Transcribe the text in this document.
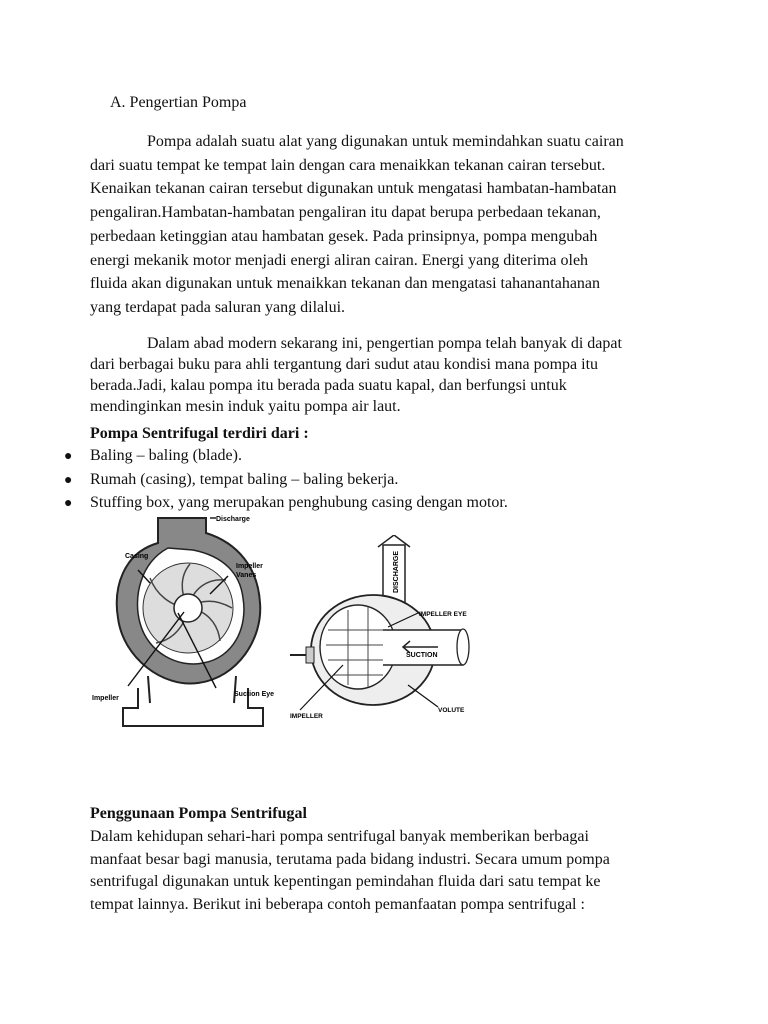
A. Pengertian Pompa
Pompa adalah suatu alat yang digunakan untuk memindahkan suatu cairan
dari suatu tempat ke tempat lain dengan cara menaikkan tekanan cairan tersebut.
Kenaikan tekanan cairan tersebut digunakan untuk mengatasi hambatan-hambatan
pengaliran.Hambatan-hambatan pengaliran itu dapat berupa perbedaan tekanan,
perbedaan ketinggian atau hambatan gesek. Pada prinsipnya, pompa mengubah
energi mekanik motor menjadi energi aliran cairan. Energi yang diterima oleh
fluida akan digunakan untuk menaikkan tekanan dan mengatasi tahanantahanan
yang terdapat pada saluran yang dilalui.
Dalam abad modern sekarang ini, pengertian pompa telah banyak di dapat
dari berbagai buku para ahli tergantung dari sudut atau kondisi mana pompa itu
berada.Jadi, kalau pompa itu berada pada suatu kapal, dan berfungsi untuk
mendinginkan mesin induk yaitu pompa air laut.
Pompa Sentrifugal terdiri dari :
● Baling – baling (blade).
● Rumah (casing), tempat baling – baling bekerja.
● Stuffing box, yang merupakan penghubung casing dengan motor.
Discharge
Casing
Impeller
Vanes
Impeller
Suction Eye
DISCHARGE
SUCTION
IMPELLER EYE
IMPELLER
VOLUTE
Penggunaan Pompa Sentrifugal
Dalam kehidupan sehari-hari pompa sentrifugal banyak memberikan berbagai
manfaat besar bagi manusia, terutama pada bidang industri. Secara umum pompa
sentrifugal digunakan untuk kepentingan pemindahan fluida dari satu tempat ke
tempat lainnya. Berikut ini beberapa contoh pemanfaatan pompa sentrifugal :
